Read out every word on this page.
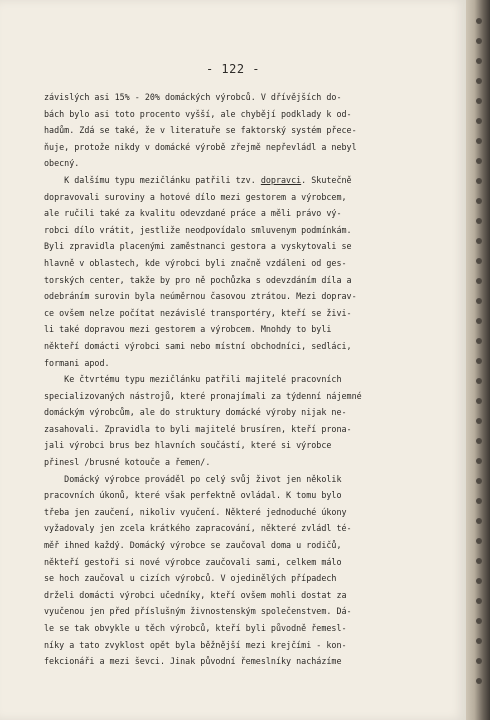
- 122 -
závislých asi 15% - 20% domáckých výrobců. V dřívějších do-
bách bylo asi toto procento vyšší, ale chybějí podklady k od-
hadům. Zdá se také, že v literatuře se faktorský systém přece-
ňuje, protože nikdy v domácké výrobě zřejmě nepřevládl a nebyl
obecný.
K dalšímu typu mezičlánku patřili tzv. dopravci. Skutečně
dopravovali suroviny a hotové dílo mezi gestorem a výrobcem,
ale ručili také za kvalitu odevzdané práce a měli právo vý-
robci dílo vrátit, jestliže neodpovídalo smluvenym podmínkám.
Byli zpravidla placenými zaměstnanci gestora a vyskytovali se
hlavně v oblastech, kde výrobci byli značně vzdáleni od ges-
torských center, takže by pro ně pochůzka s odevzdáním díla a
odebráním surovin byla neúměrnou časovou ztrátou. Mezi doprav-
ce ovšem nelze počítat nezávislé transportéry, kteří se živi-
li také dopravou mezi gestorem a výrobcem. Mnohdy to byli
někteří domácti výrobci sami nebo místní obchodníci, sedláci,
formani apod.
Ke čtvrtému typu mezičlánku patřili majitelé pracovních
specializovaných nástrojů, které pronajímali za týdenní nájemné
domáckým výrobcům, ale do struktury domácké výroby nijak ne-
zasahovali. Zpravidla to byli majitelé brusíren, kteří prona-
jali výrobci brus bez hlavních součástí, které si výrobce
přinesl /brusné kotouče a řemen/.
Domácký výrobce prováděl po celý svůj život jen několik
pracovních úkonů, které však perfektně ovládal. K tomu bylo
třeba jen zaučení, nikoliv vyučení. Některé jednoduché úkony
vyžadovaly jen zcela krátkého zapracování, některé zvládl té-
měř ihned každý. Domácký výrobce se zaučoval doma u rodičů,
někteří gestoři si nové výrobce zaučovali sami, celkem málo
se hoch zaučoval u cizích výrobců. V ojedinělých případech
drželi domácti výrobci učedníky, kteří ovšem mohli dostat za
vyučenou jen před příslušným živnostenským společenstvem. Dá-
le se tak obvykle u těch výrobců, kteří byli původně řemesl-
níky a tato zvyklost opět byla běžnější mezi krejčími - kon-
fekcionáři a mezi ševci. Jinak původní řemeslníky nacházíme
